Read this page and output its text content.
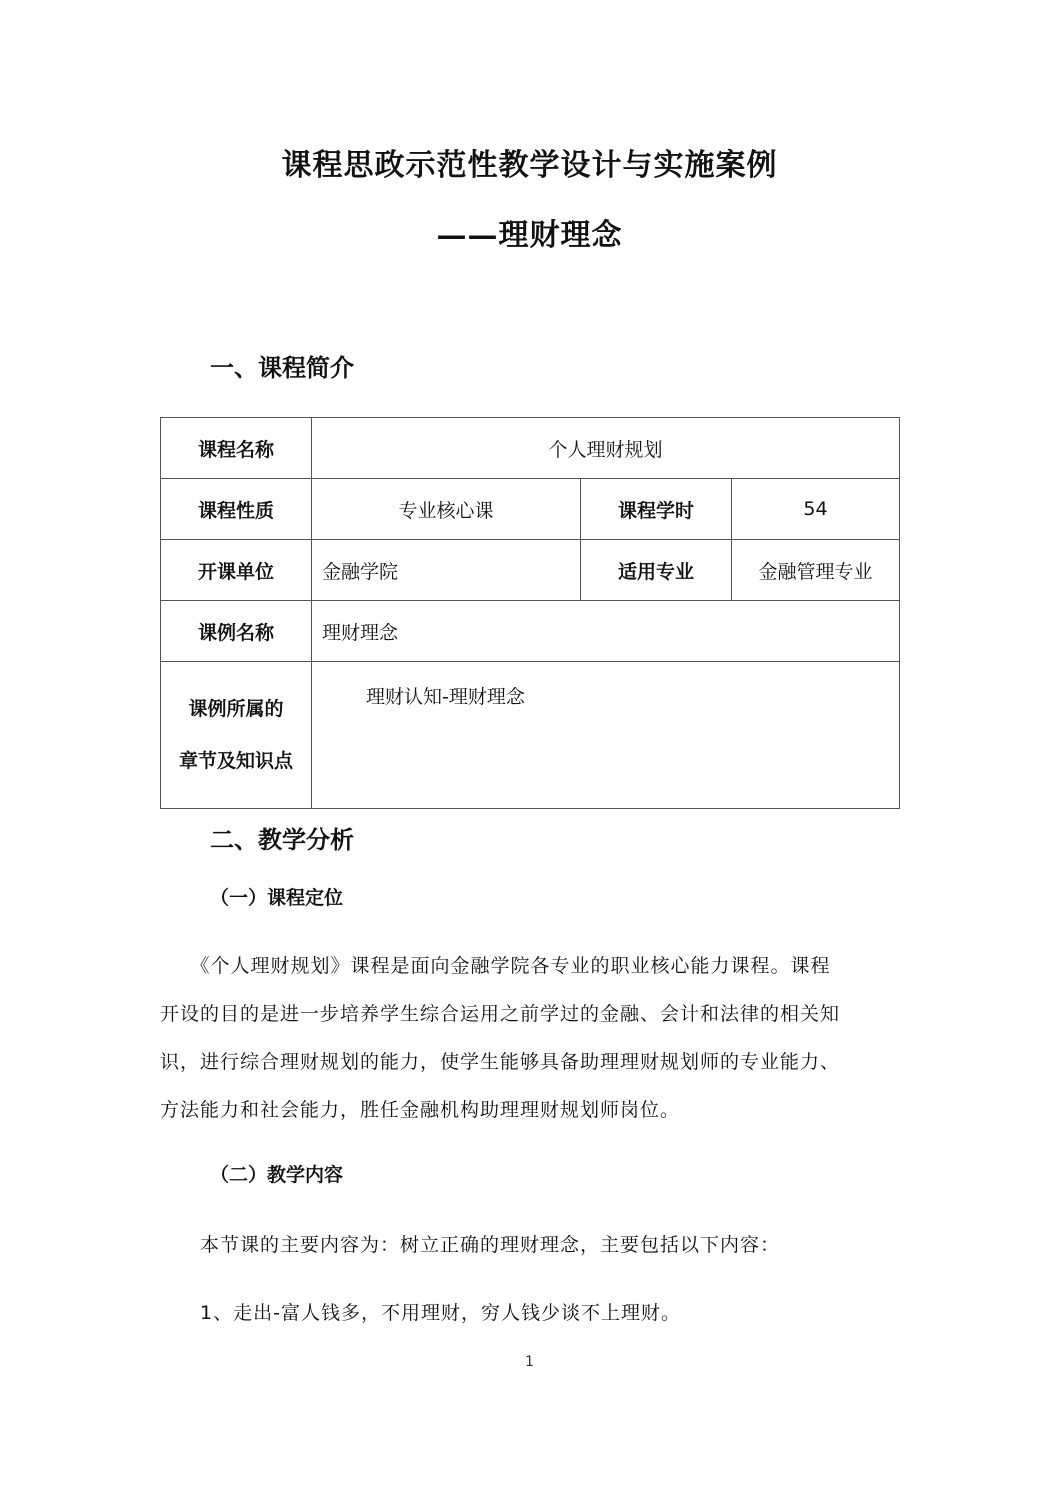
课程思政示范性教学设计与实施案例
——理财理念
一、课程简介
课程名称	个人理财规划		
课程性质	专业核心课	课程学时	54
开课单位	金融学院	适用专业	金融管理专业
课例名称	理财理念		

课例所属的
章节及知识点	理财认知-理财理念		
二、教学分析
（一）课程定位
　　《个人理财规划》课程是面向金融学院各专业的职业核心能力课程。课程
开设的目的是进一步培养学生综合运用之前学过的金融、会计和法律的相关知
识，进行综合理财规划的能力，使学生能够具备助理理财规划师的专业能力、
方法能力和社会能力，胜任金融机构助理理财规划师岗位。
（二）教学内容
本节课的主要内容为：树立正确的理财理念，主要包括以下内容：
1、走出-富人钱多，不用理财，穷人钱少谈不上理财。
1
